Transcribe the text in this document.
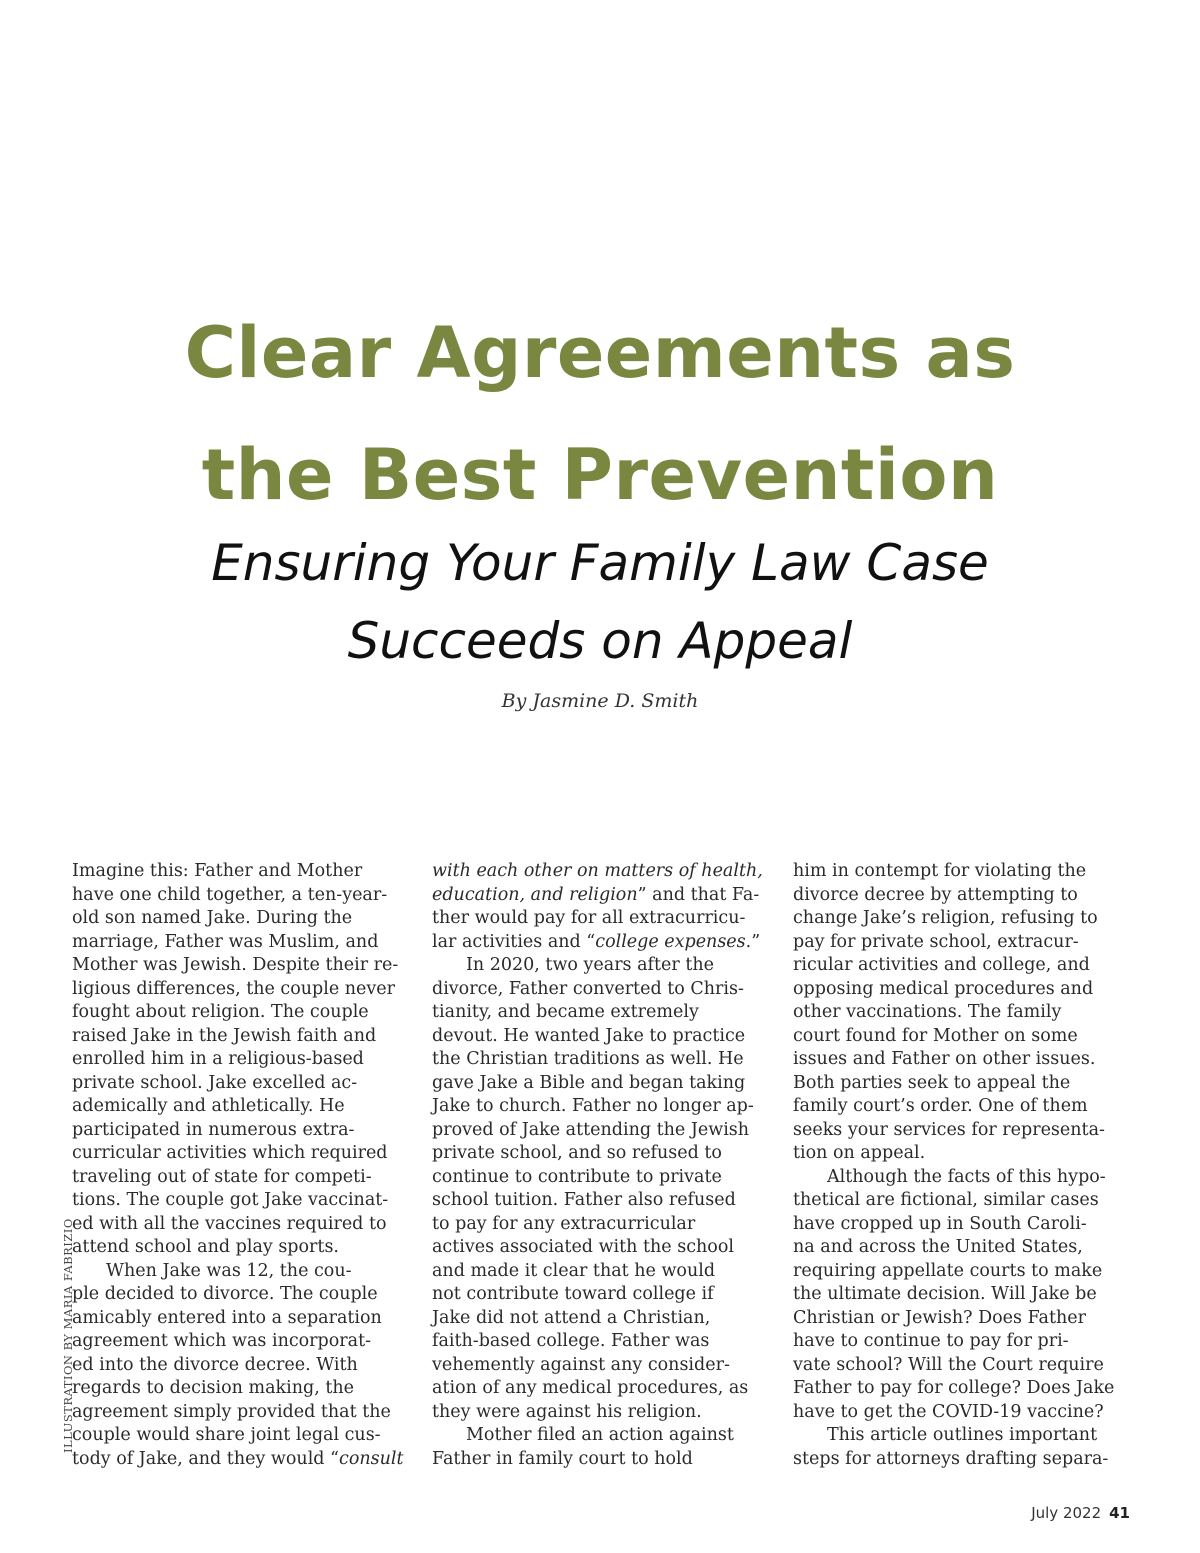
Clear Agreements as
the Best Prevention
Ensuring Your Family Law Case
Succeeds on Appeal
By Jasmine D. Smith

Imagine this: Father and Mother

have one child together, a ten-year-

old son named Jake. During the

marriage, Father was Muslim, and

Mother was Jewish. Despite their re-

ligious differences, the couple never

fought about religion. The couple

raised Jake in the Jewish faith and

enrolled him in a religious-based

private school. Jake excelled ac-

ademically and athletically. He

participated in numerous extra-

curricular activities which required

traveling out of state for competi-

tions. The couple got Jake vaccinat-

ed with all the vaccines required to

attend school and play sports.

When Jake was 12, the cou-

ple decided to divorce. The couple

amicably entered into a separation

agreement which was incorporat-

ed into the divorce decree. With

regards to decision making, the

agreement simply provided that the

couple would share joint legal cus-

tody of Jake, and they would “consult

with each other on matters of health,

education, and religion” and that Fa-

ther would pay for all extracurricu-

lar activities and “college expenses.”

In 2020, two years after the

divorce, Father converted to Chris-

tianity, and became extremely

devout. He wanted Jake to practice

the Christian traditions as well. He

gave Jake a Bible and began taking

Jake to church. Father no longer ap-

proved of Jake attending the Jewish

private school, and so refused to

continue to contribute to private

school tuition. Father also refused

to pay for any extracurricular

actives associated with the school

and made it clear that he would

not contribute toward college if

Jake did not attend a Christian,

faith-based college. Father was

vehemently against any consider-

ation of any medical procedures, as

they were against his religion.

Mother filed an action against

Father in family court to hold

him in contempt for violating the

divorce decree by attempting to

change Jake’s religion, refusing to

pay for private school, extracur-

ricular activities and college, and

opposing medical procedures and

other vaccinations. The family

court found for Mother on some

issues and Father on other issues.

Both parties seek to appeal the

family court’s order. One of them

seeks your services for representa-

tion on appeal.

Although the facts of this hypo-

thetical are fictional, similar cases

have cropped up in South Caroli-

na and across the United States,

requiring appellate courts to make

the ultimate decision. Will Jake be

Christian or Jewish? Does Father

have to continue to pay for pri-

vate school? Will the Court require

Father to pay for college? Does Jake

have to get the COVID-19 vaccine?

This article outlines important

steps for attorneys drafting separa-

ILLUSTRATION BY MARIA FABRIZIO
July 2022 41
